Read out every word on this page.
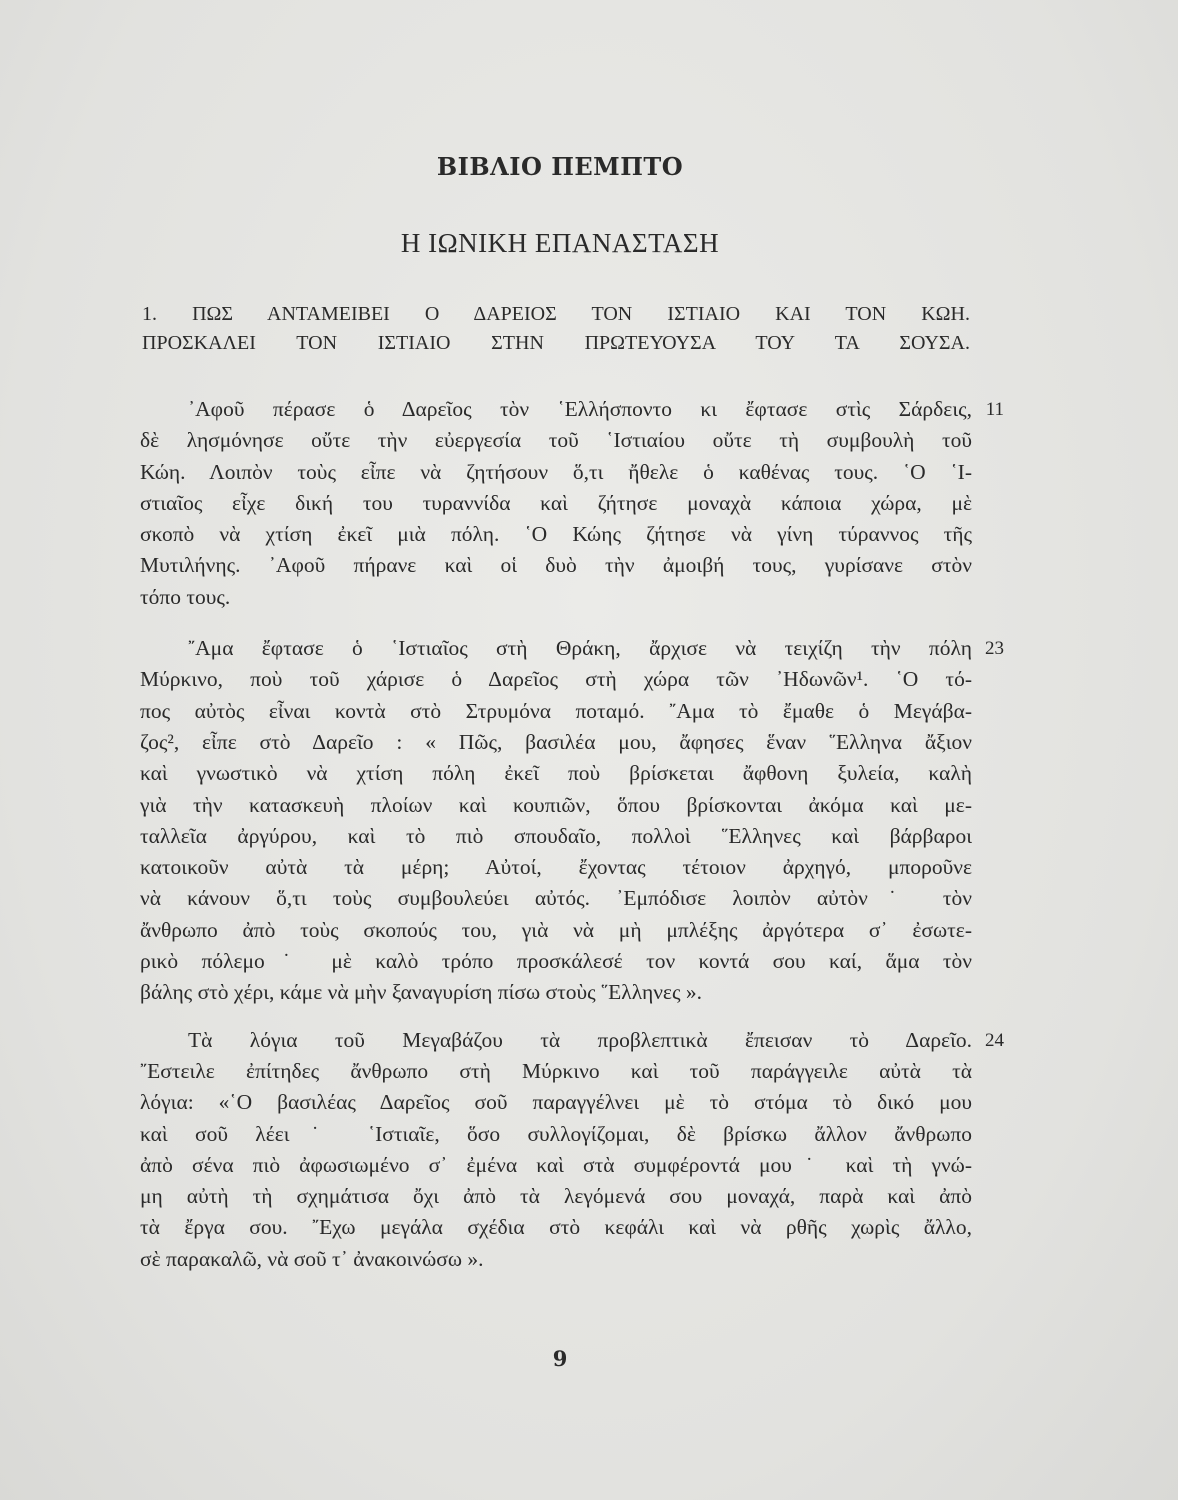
ΒΙΒΛΙΟ ΠΕΜΠΤΟ
Η ΙΩΝΙΚΗ ΕΠΑΝΑΣΤΑΣΗ
1. ΠΩΣ ΑΝΤΑΜΕΙΒΕΙ Ο ΔΑΡΕΙΟΣ ΤΟΝ ΙΣΤΙΑΙΟ ΚΑΙ ΤΟΝ ΚΩΗ.
ΠΡΟΣΚΑΛΕΙ ΤΟΝ ΙΣΤΙΑΙΟ ΣΤΗΝ ΠΡΩΤΕΥΟΥΣΑ ΤΟΥ ΤΑ ΣΟΥΣΑ.
᾿Αφοῦ πέρασε ὁ Δαρεῖος τὸν ῾Ελλήσποντο κι ἔφτασε στὶς Σάρδεις,
δὲ λησμόνησε οὔτε τὴν εὐεργεσία τοῦ ῾Ιστιαίου οὔτε τὴ συμβουλὴ τοῦ
Κώη. Λοιπὸν τοὺς εἶπε νὰ ζητήσουν ὅ,τι ἤθελε ὁ καθένας τους. ῾Ο ῾Ι-
στιαῖος εἶχε δική του τυραννίδα καὶ ζήτησε μοναχὰ κάποια χώρα, μὲ
σκοπὸ νὰ χτίση ἐκεῖ μιὰ πόλη. ῾Ο Κώης ζήτησε νὰ γίνη τύραννος τῆς
Μυτιλήνης. ᾿Αφοῦ πήρανε καὶ οἱ δυὸ τὴν ἀμοιβή τους, γυρίσανε στὸν
τόπο τους.
11
῎Αμα ἔφτασε ὁ ῾Ιστιαῖος στὴ Θράκη, ἄρχισε νὰ τειχίζη τὴν πόλη
Μύρκινο, ποὺ τοῦ χάρισε ὁ Δαρεῖος στὴ χώρα τῶν ᾿Ηδωνῶν¹. ῾Ο τό-
πος αὐτὸς εἶναι κοντὰ στὸ Στρυμόνα ποταμό. ῎Αμα τὸ ἔμαθε ὁ Μεγάβα-
ζος², εἶπε στὸ Δαρεῖο : « Πῶς, βασιλέα μου, ἄφησες ἕναν ῞Ελληνα ἄξιον
καὶ γνωστικὸ νὰ χτίση πόλη ἐκεῖ ποὺ βρίσκεται ἄφθονη ξυλεία, καλὴ
γιὰ τὴν κατασκευὴ πλοίων καὶ κουπιῶν, ὅπου βρίσκονται ἀκόμα καὶ με-
ταλλεῖα ἀργύρου, καὶ τὸ πιὸ σπουδαῖο, πολλοὶ ῞Ελληνες καὶ βάρβαροι
κατοικοῦν αὐτὰ τὰ μέρη; Αὐτοί, ἔχοντας τέτοιον ἀρχηγό, μποροῦνε
νὰ κάνουν ὅ,τι τοὺς συμβουλεύει αὐτός. ᾿Εμπόδισε λοιπὸν αὐτὸν˙ τὸν
ἄνθρωπο ἀπὸ τοὺς σκοπούς του, γιὰ νὰ μὴ μπλέξης ἀργότερα σ᾿ ἐσωτε-
ρικὸ πόλεμο˙ μὲ καλὸ τρόπο προσκάλεσέ τον κοντά σου καί, ἅμα τὸν
βάλης στὸ χέρι, κάμε νὰ μὴν ξαναγυρίση πίσω στοὺς ῞Ελληνες ».
23
Τὰ λόγια τοῦ Μεγαβάζου τὰ προβλεπτικὰ ἔπεισαν τὸ Δαρεῖο.
῎Εστειλε ἐπίτηδες ἄνθρωπο στὴ Μύρκινο καὶ τοῦ παράγγειλε αὐτὰ τὰ
λόγια: «῾Ο βασιλέας Δαρεῖος σοῦ παραγγέλνει μὲ τὸ στόμα τὸ δικό μου
καὶ σοῦ λέει˙ ῾Ιστιαῖε, ὅσο συλλογίζομαι, δὲ βρίσκω ἄλλον ἄνθρωπο
ἀπὸ σένα πιὸ ἀφωσιωμένο σ᾿ ἐμένα καὶ στὰ συμφέροντά μου˙ καὶ τὴ γνώ-
μη αὐτὴ τὴ σχημάτισα ὄχι ἀπὸ τὰ λεγόμενά σου μοναχά, παρὰ καὶ ἀπὸ
τὰ ἔργα σου. ῎Εχω μεγάλα σχέδια στὸ κεφάλι καὶ νὰ ρθῆς χωρὶς ἄλλο,
σὲ παρακαλῶ, νὰ σοῦ τ᾿ ἀνακοινώσω ».
24
9
